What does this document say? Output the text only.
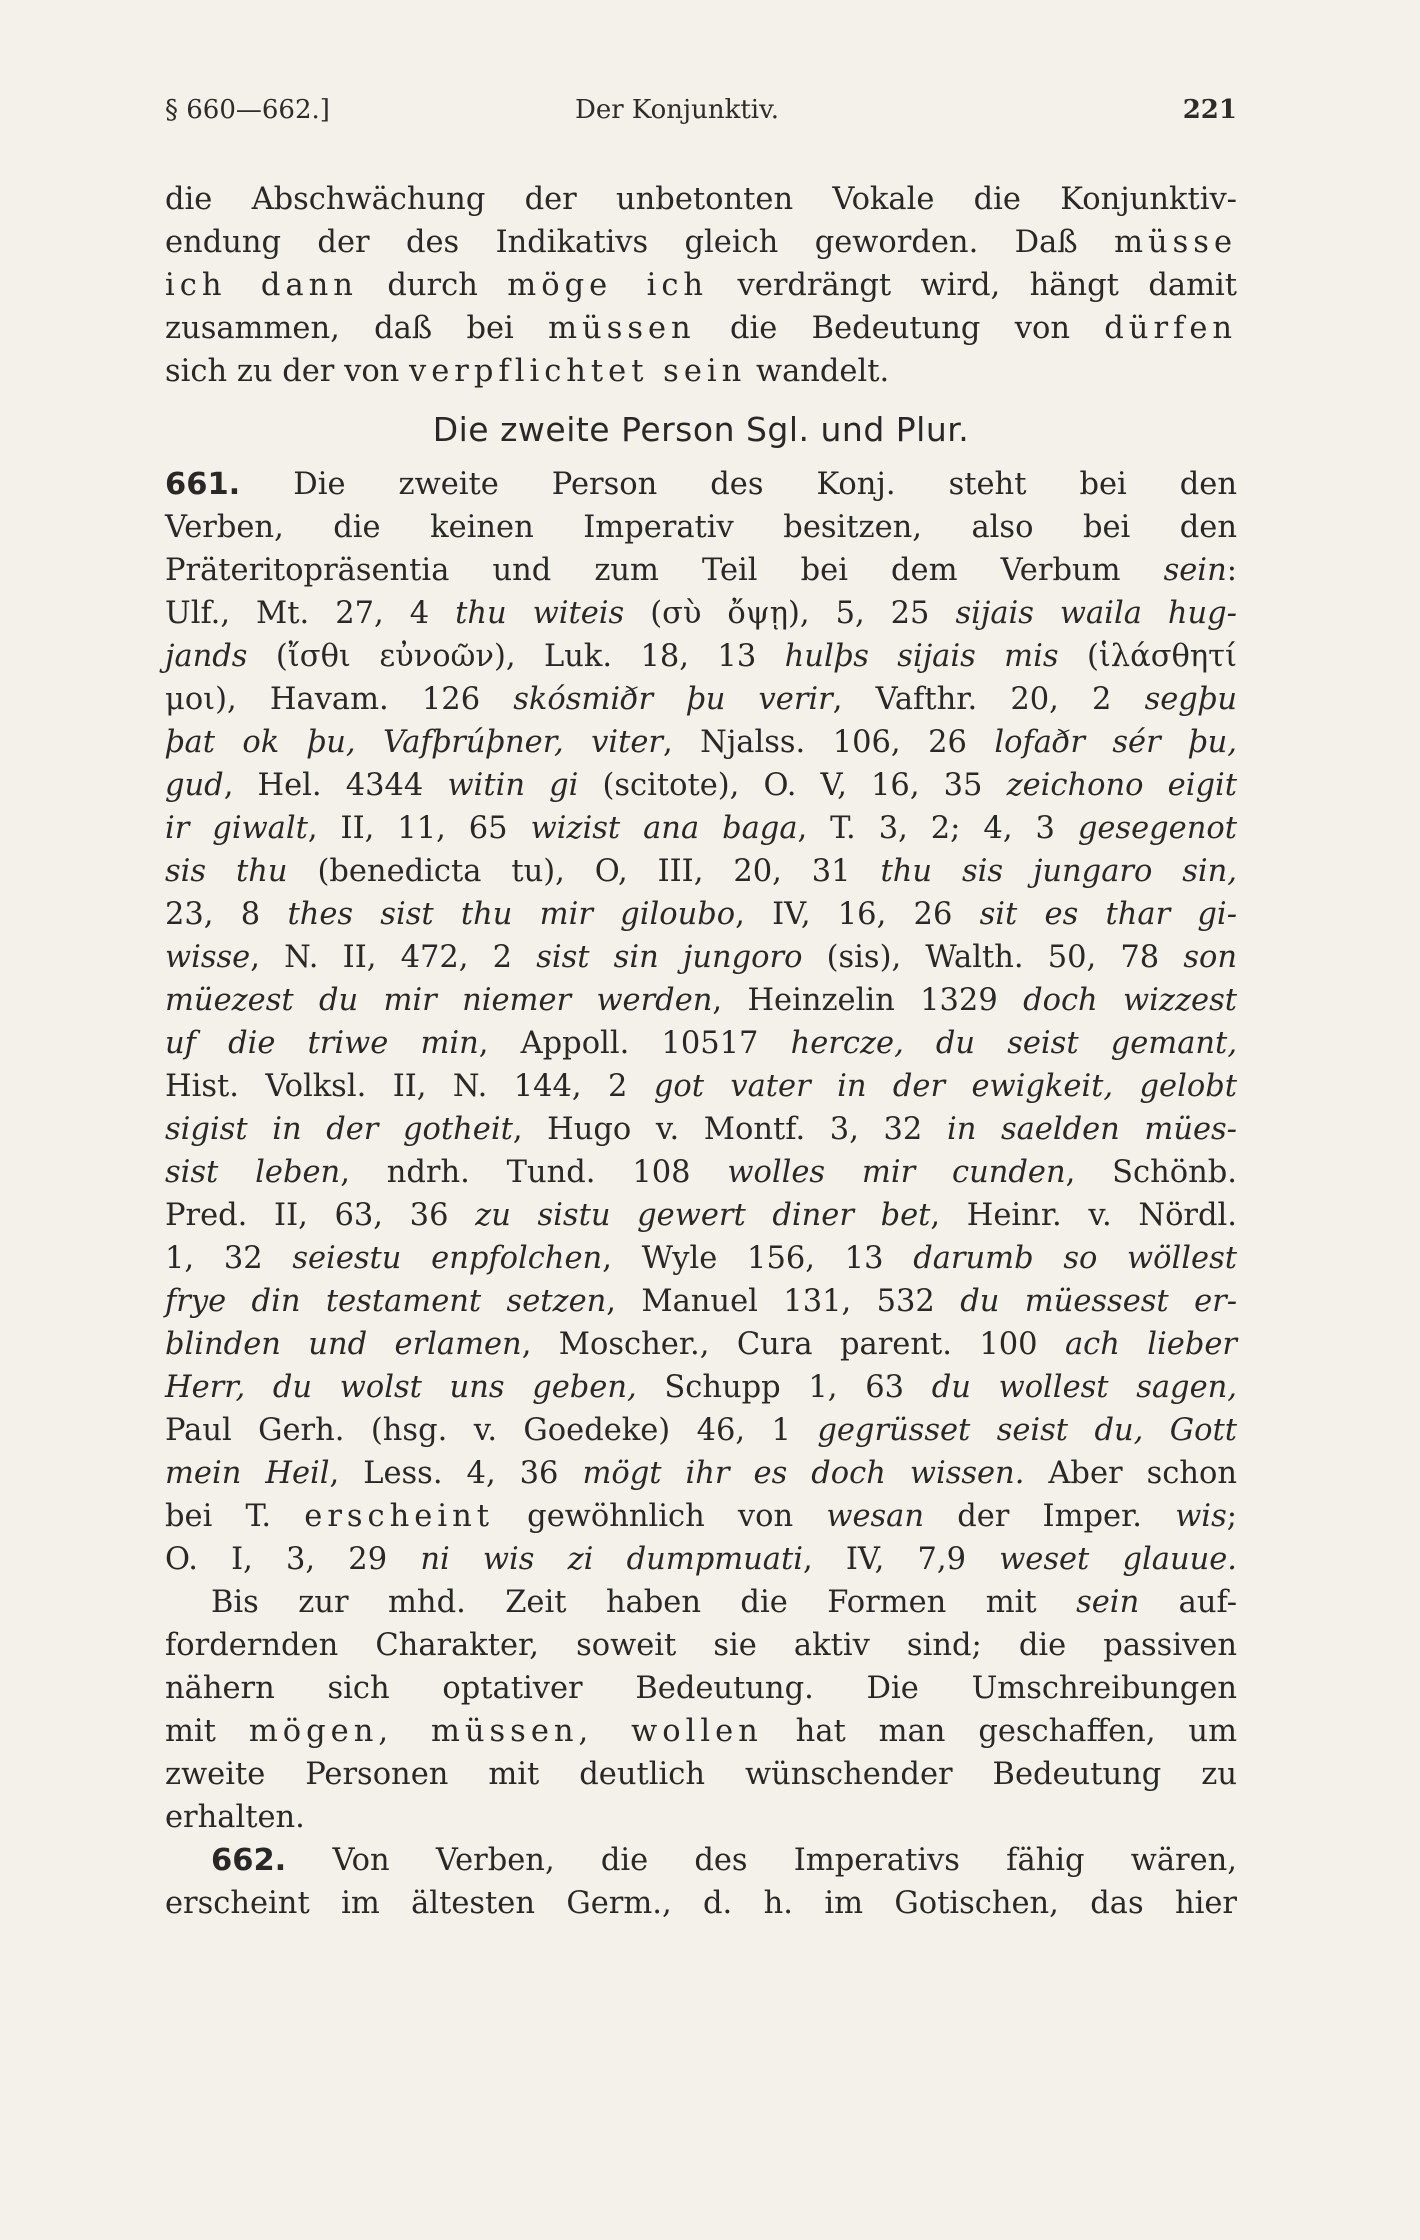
§ 660—662.]	Der Konjunktiv.	221
die Abschwächung der unbetonten Vokale die Konjunktiv-
endung der des Indikativs gleich geworden. Daß müsse
ich dann durch möge ich verdrängt wird, hängt damit
zusammen, daß bei müssen die Bedeutung von dürfen
sich zu der von verpflichtet sein wandelt.
Die zweite Person Sgl. und Plur.
661. Die zweite Person des Konj. steht bei den
Verben, die keinen Imperativ besitzen, also bei den
Präteritopräsentia und zum Teil bei dem Verbum sein:
Ulf., Mt. 27, 4 thu witeis (σὺ ὄψῃ), 5, 25 sijais waila hug-
jands (ἴσθι εὐνοῶν), Luk. 18, 13 hulþs sijais mis (ἱλάσθητί
μοι), Havam. 126 skósmiðr þu verir, Vafthr. 20, 2 segþu
þat ok þu, Vafþrúþner, viter, Njalss. 106, 26 lofaðr sér þu,
gud, Hel. 4344 witin gi (scitote), O. V, 16, 35 zeichono eigit
ir giwalt, II, 11, 65 wizist ana baga, T. 3, 2; 4, 3 gesegenot
sis thu (benedicta tu), O, III, 20, 31 thu sis jungaro sin,
23, 8 thes sist thu mir giloubo, IV, 16, 26 sit es thar gi-
wisse, N. II, 472, 2 sist sin jungoro (sis), Walth. 50, 78 son
müezest du mir niemer werden, Heinzelin 1329 doch wizzest
uf die triwe min, Appoll. 10517 hercze, du seist gemant,
Hist. Volksl. II, N. 144, 2 got vater in der ewigkeit, gelobt
sigist in der gotheit, Hugo v. Montf. 3, 32 in saelden mües-
sist leben, ndrh. Tund. 108 wolles mir cunden, Schönb.
Pred. II, 63, 36 zu sistu gewert diner bet, Heinr. v. Nördl.
1, 32 seiestu enpfolchen, Wyle 156, 13 darumb so wöllest
frye din testament setzen, Manuel 131, 532 du müessest er-
blinden und erlamen, Moscher., Cura parent. 100 ach lieber
Herr, du wolst uns geben, Schupp 1, 63 du wollest sagen,
Paul Gerh. (hsg. v. Goedeke) 46, 1 gegrüsset seist du, Gott
mein Heil, Less. 4, 36 mögt ihr es doch wissen. Aber schon
bei T. erscheint gewöhnlich von wesan der Imper. wis;
O. I, 3, 29 ni wis zi dumpmuati, IV, 7,9 weset glauue.
Bis zur mhd. Zeit haben die Formen mit sein auf-
fordernden Charakter, soweit sie aktiv sind; die passiven
nähern sich optativer Bedeutung. Die Umschreibungen
mit mögen, müssen, wollen hat man geschaffen, um
zweite Personen mit deutlich wünschender Bedeutung zu
erhalten.
662. Von Verben, die des Imperativs fähig wären,
erscheint im ältesten Germ., d. h. im Gotischen, das hier
